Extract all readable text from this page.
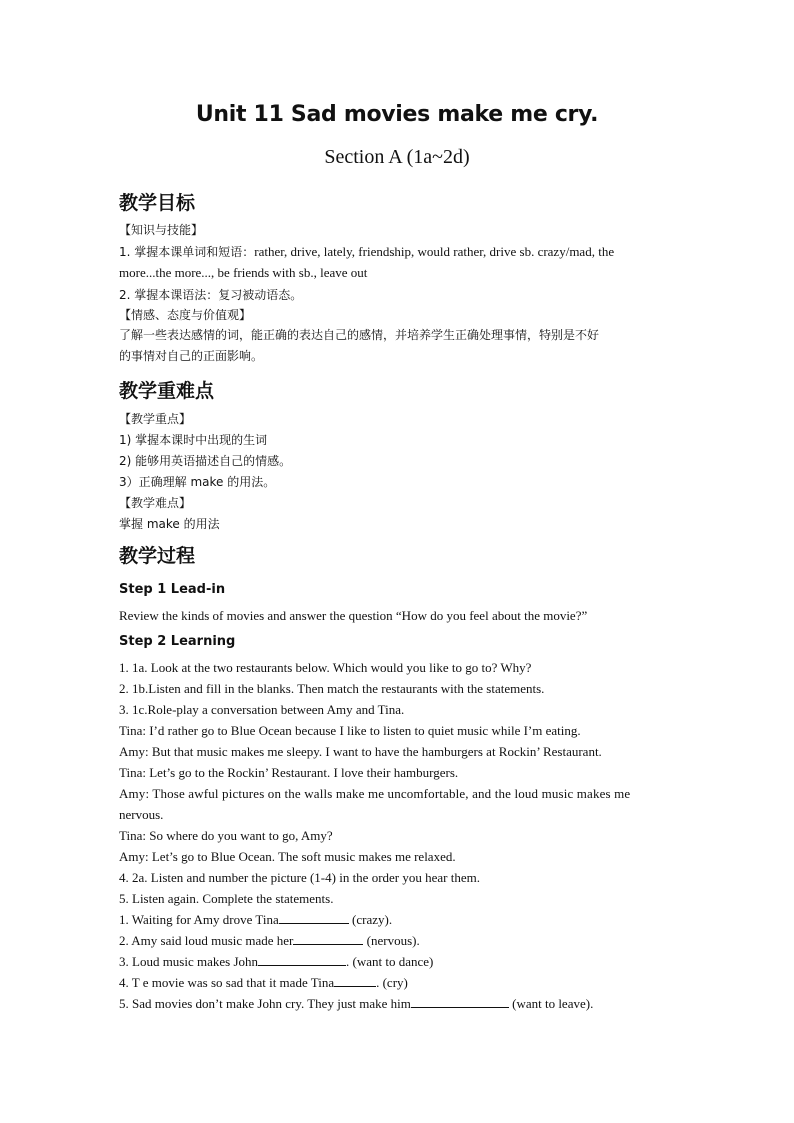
Unit 11 Sad movies make me cry.
Section A (1a~2d)
教学目标
【知识与技能】
1. 掌握本课单词和短语：rather, drive, lately, friendship, would rather, drive sb. crazy/mad, the
more...the more..., be friends with sb., leave out
2. 掌握本课语法：复习被动语态。
【情感、态度与价值观】
了解一些表达感情的词，能正确的表达自己的感情，并培养学生正确处理事情，特别是不好
的事情对自己的正面影响。
教学重难点
【教学重点】
1) 掌握本课时中出现的生词
2) 能够用英语描述自己的情感。
3）正确理解 make 的用法。
【教学难点】
掌握 make 的用法
教学过程
Step 1 Lead-in
Review the kinds of movies and answer the question “How do you feel about the movie?”
Step 2 Learning
1. 1a. Look at the two restaurants below. Which would you like to go to? Why?
2. 1b.Listen and fill in the blanks. Then match the restaurants with the statements.
3. 1c.Role-play a conversation between Amy and Tina.
Tina: I’d rather go to Blue Ocean because I like to listen to quiet music while I’m eating.
Amy: But that music makes me sleepy. I want to have the hamburgers at Rockin’ Restaurant.
Tina: Let’s go to the Rockin’ Restaurant. I love their hamburgers.
Amy: Those awful pictures on the walls make me uncomfortable, and the loud music makes me
nervous.
Tina: So where do you want to go, Amy?
Amy: Let’s go to Blue Ocean. The soft music makes me relaxed.
4. 2a. Listen and number the picture (1-4) in the order you hear them.
5. Listen again. Complete the statements.
1. Waiting for Amy drove Tina	(crazy).
2. Amy said loud music made her	(nervous).
3. Loud music makes John	. (want to dance)
4. T e movie was so sad that it made Tina	. (cry)
5. Sad movies don’t make John cry. They just make him	(want to leave).
